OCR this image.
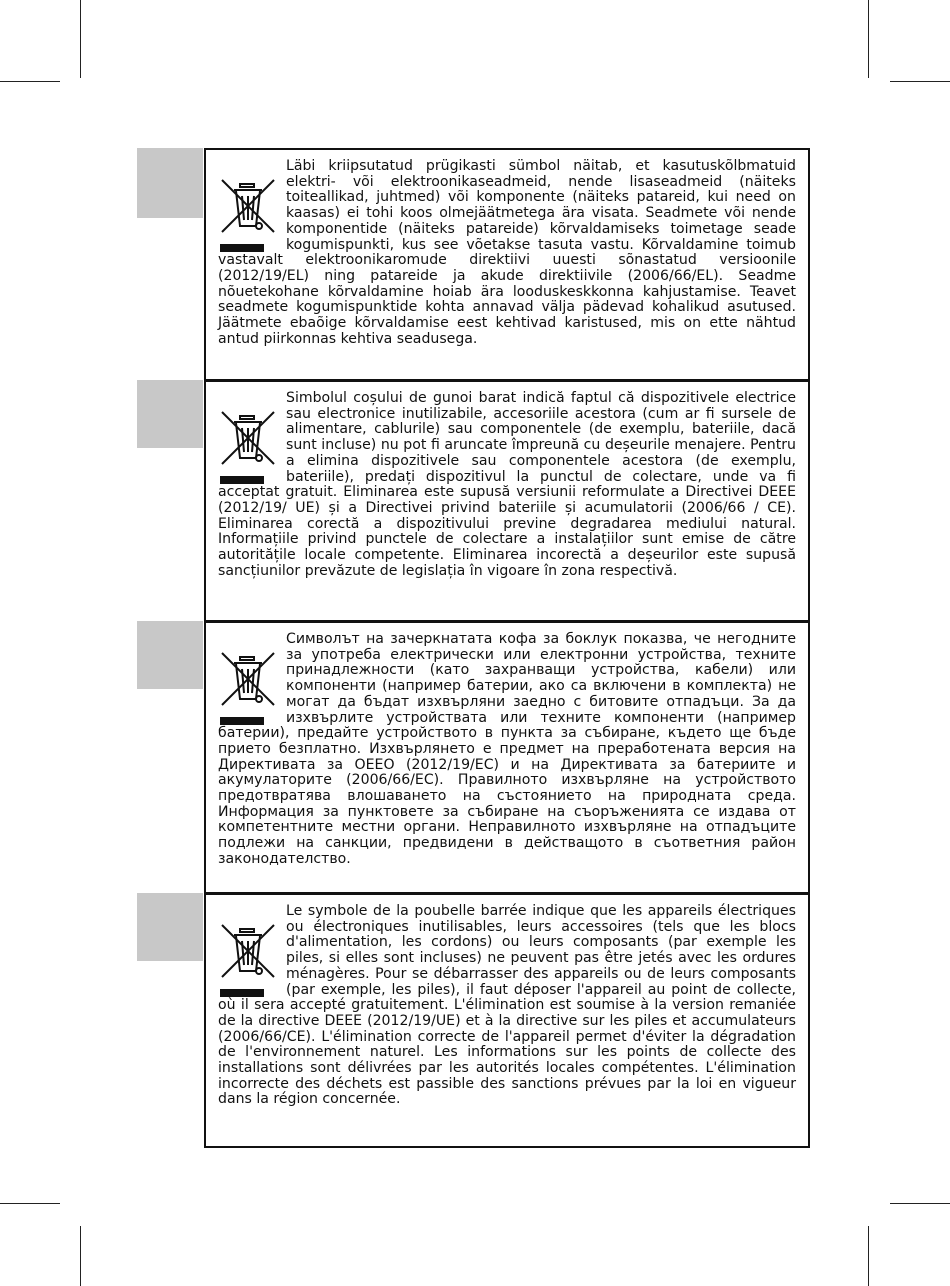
Läbi kriipsutatud prügikasti sümbol näitab, et kasutuskõlbmatuid elektri- või elektroonikaseadmeid, nende lisaseadmeid (näiteks toiteallikad, juhtmed) või komponente (näiteks patareid, kui need on kaasas) ei tohi koos olmejäätmetega ära visata. Seadmete või nende komponentide (näiteks patareide) kõrvaldamiseks toimetage seade kogumispunkti, kus see võetakse tasuta vastu. Kõrvaldamine toimub vastavalt elektroonikaromude direktiivi uuesti sõnastatud versioonile (2012/19/EL) ning patareide ja akude direktiivile (2006/66/EL). Seadme nõuetekohane kõrvaldamine hoiab ära looduskeskkonna kahjustamise. Teavet seadmete kogumispunktide kohta annavad välja pädevad kohalikud asutused. Jäätmete ebaõige kõrvaldamise eest kehtivad karistused, mis on ette nähtud antud piirkonnas kehtiva seadusega.

Simbolul coșului de gunoi barat indică faptul că dispozitivele electrice sau electronice inutilizabile, accesoriile acestora (cum ar fi sursele de alimentare, cablurile) sau componentele (de exemplu, bateriile, dacă sunt incluse) nu pot fi aruncate împreună cu deșeurile menajere. Pentru a elimina dispozitivele sau componentele acestora (de exemplu, bateriile), predați dispozitivul la punctul de colectare, unde va fi acceptat gratuit. Eliminarea este supusă versiunii reformulate a Directivei DEEE (2012/19/ UE) și a Directivei privind bateriile și acumulatorii (2006/66 / CE). Eliminarea corectă a dispozitivului previne degradarea mediului natural. Informațiile privind punctele de colectare a instalațiilor sunt emise de către autoritățile locale competente. Eliminarea incorectă a deșeurilor este supusă sancțiunilor prevăzute de legislația în vigoare în zona respectivă.

Символът на зачеркнатата кофа за боклук показва, че негодните за употреба електрически или електронни устройства, техните принадлежности (като захранващи устройства, кабели) или компоненти (например батерии, ако са включени в комплекта) не могат да бъдат изхвърляни заедно с битовите отпадъци. За да изхвърлите устройствата или техните компоненти (например батерии), предайте устройството в пункта за събиране, където ще бъде прието безплатно. Изхвърлянето е предмет на преработената версия на Директивата за ОЕЕО (2012/19/ЕС) и на Директивата за батериите и акумулаторите (2006/66/ЕС). Правилното изхвърляне на устройството предотвратява влошаването на състоянието на природната среда. Информация за пунктовете за събиране на съоръженията се издава от компетентните местни органи. Неправилното изхвърляне на отпадъците подлежи на санкции, предвидени в действащото в съответния район законодателство.

Le symbole de la poubelle barrée indique que les appareils électriques ou électroniques inutilisables, leurs accessoires (tels que les blocs d'alimentation, les cordons) ou leurs composants (par exemple les piles, si elles sont incluses) ne peuvent pas être jetés avec les ordures ménagères. Pour se débarrasser des appareils ou de leurs composants (par exemple, les piles), il faut déposer l'appareil au point de collecte, où il sera accepté gratuitement. L'élimination est soumise à la version remaniée de la directive DEEE (2012/19/UE) et à la directive sur les piles et accumulateurs (2006/66/CE). L'élimination correcte de l'appareil permet d'éviter la dégradation de l'environnement naturel. Les informations sur les points de collecte des installations sont délivrées par les autorités locales compétentes. L'élimination incorrecte des déchets est passible des sanctions prévues par la loi en vigueur dans la région concernée.
